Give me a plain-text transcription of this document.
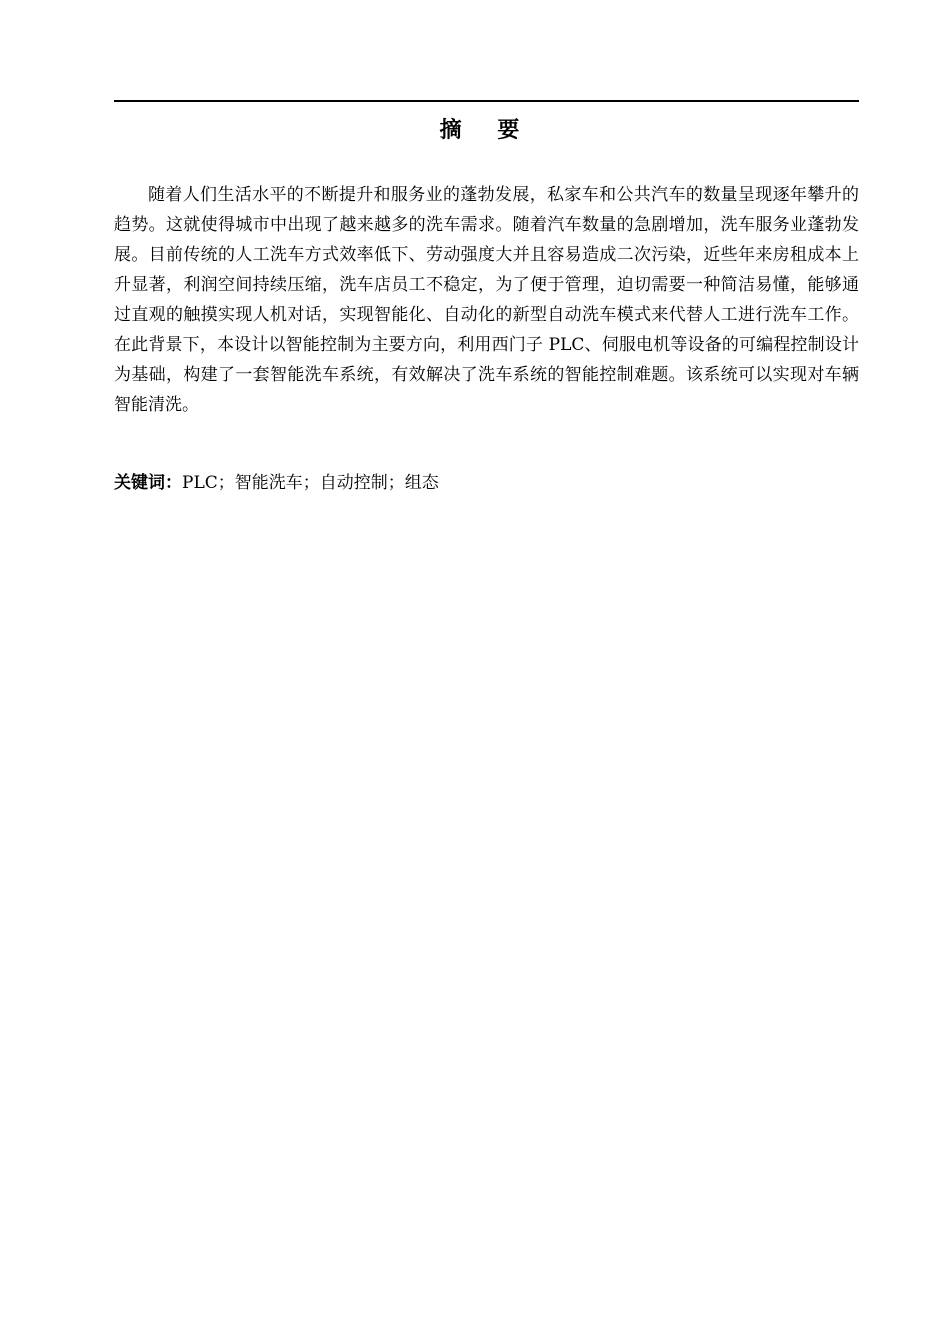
摘 要

随着人们生活水平的不断提升和服务业的蓬勃发展，私家车和公共汽车的数量呈现逐年攀升的趋势。这就使得城市中出现了越来越多的洗车需求。随着汽车数量的急剧增加，洗车服务业蓬勃发展。目前传统的人工洗车方式效率低下、劳动强度大并且容易造成二次污染，近些年来房租成本上升显著，利润空间持续压缩，洗车店员工不稳定，为了便于管理，迫切需要一种简洁易懂，能够通过直观的触摸实现人机对话，实现智能化、自动化的新型自动洗车模式来代替人工进行洗车工作。在此背景下，本设计以智能控制为主要方向，利用西门子 PLC、伺服电机等设备的可编程控制设计为基础，构建了一套智能洗车系统，有效解决了洗车系统的智能控制难题。该系统可以实现对车辆智能清洗。

关键词：PLC；智能洗车；自动控制；组态
